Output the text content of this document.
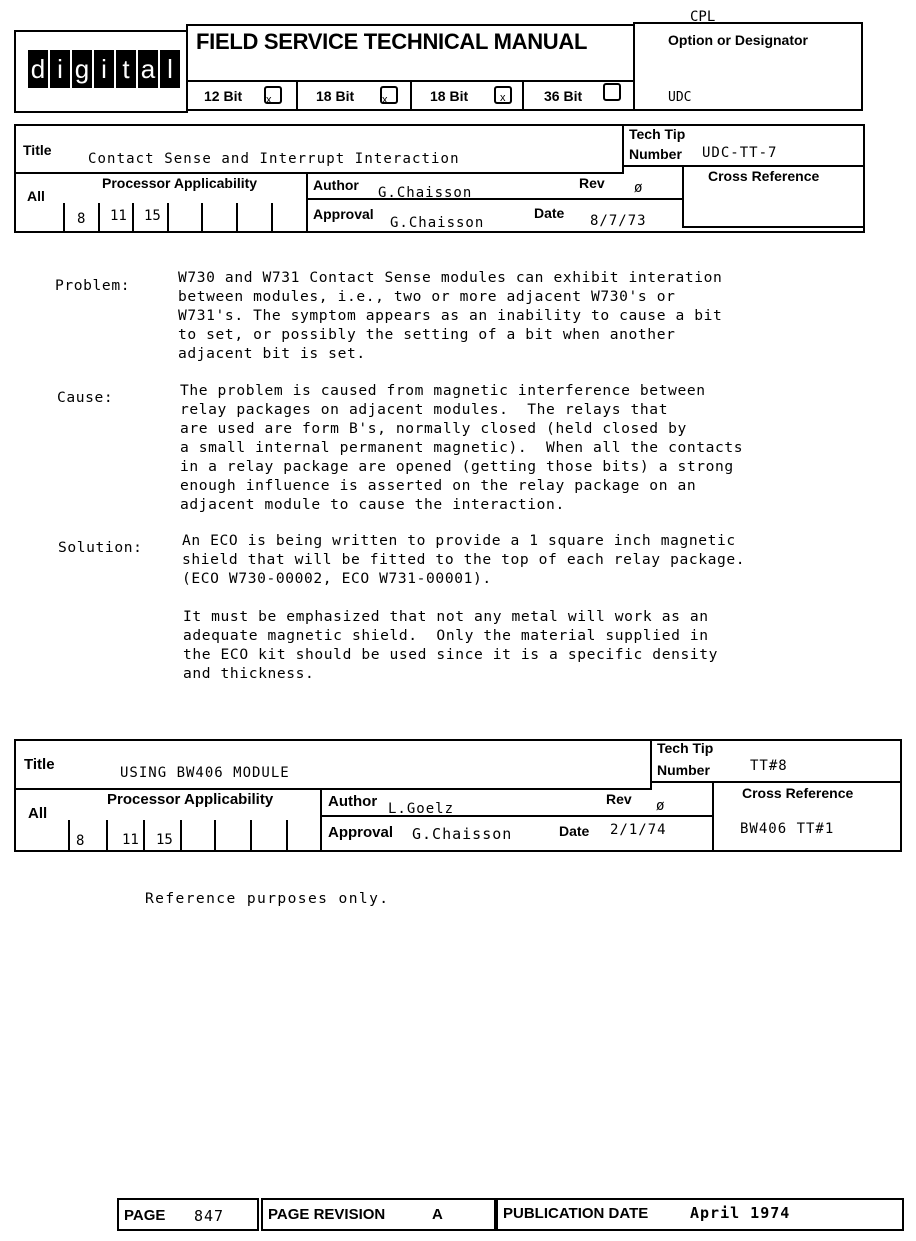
d i g i t a l
FIELD SERVICE TECHNICAL MANUAL
12 Bit x	18 Bit	x	18 Bit	x	36 Bit
CPL
Option or Designator
UDC
Title
Contact Sense and Interrupt Interaction
Tech Tip
Number UDC-TT-7
All
Processor Applicability
8 11 15
Author G.Chaisson
Rev ø
Approval
G.Chaisson
Date 8/7/73
Cross Reference
Problem:	W730 and W731 Contact Sense modules can exhibit interation
between modules, i.e., two or more adjacent W730's or
W731's. The symptom appears as an inability to cause a bit
to set, or possibly the setting of a bit when another
adjacent bit is set.
Cause:	The problem is caused from magnetic interference between
relay packages on adjacent modules.  The relays that
are used are form B's, normally closed (held closed by
a small internal permanent magnetic).  When all the contacts
in a relay package are opened (getting those bits) a strong
enough influence is asserted on the relay package on an
adjacent module to cause the interaction.
Solution:	An ECO is being written to provide a 1 square inch magnetic
shield that will be fitted to the top of each relay package.
(ECO W730-00002, ECO W731-00001).
It must be emphasized that not any metal will work as an
adequate magnetic shield.  Only the material supplied in
the ECO kit should be used since it is a specific density
and thickness.
Title	USING BW406 MODULE
Tech Tip
Number	TT#8
All
Processor Applicability
8	11 15
Author L.Goelz
Rev ø
Approval G.Chaisson	Date 2/1/74
Cross Reference
BW406 TT#1
Reference purposes only.
PAGE 847	PAGE REVISION	A	PUBLICATION DATE	April 1974
